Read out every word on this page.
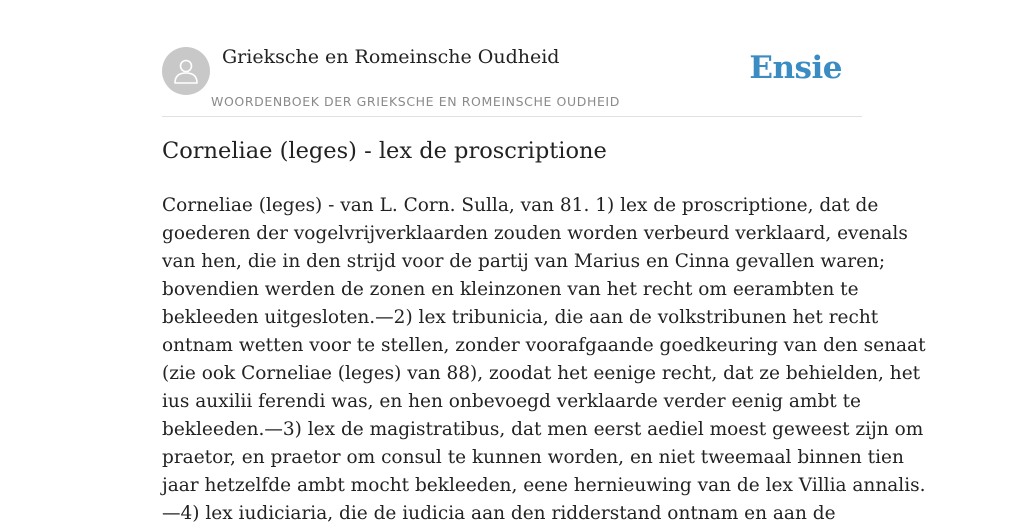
Grieksche en Romeinsche Oudheid
WOORDENBOEK DER GRIEKSCHE EN ROMEINSCHE OUDHEID
Ensie
Corneliae (leges) - lex de proscriptione
Corneliae (leges) - van L. Corn. Sulla, van 81. 1) lex de proscriptione, dat de
goederen der vogelvrijverklaarden zouden worden verbeurd verklaard, evenals
van hen, die in den strijd voor de partij van Marius en Cinna gevallen waren;
bovendien werden de zonen en kleinzonen van het recht om eerambten te
bekleeden uitgesloten.—2) lex tribunicia, die aan de volkstribunen het recht
ontnam wetten voor te stellen, zonder voorafgaande goedkeuring van den senaat
(zie ook Corneliae (leges) van 88), zoodat het eenige recht, dat ze behielden, het
ius auxilii ferendi was, en hen onbevoegd verklaarde verder eenig ambt te
bekleeden.—3) lex de magistratibus, dat men eerst aediel moest geweest zijn om
praetor, en praetor om consul te kunnen worden, en niet tweemaal binnen tien
jaar hetzelfde ambt mocht bekleeden, eene hernieuwing van de lex Villia annalis.
—4) lex iudiciaria, die de iudicia aan den ridderstand ontnam en aan de
